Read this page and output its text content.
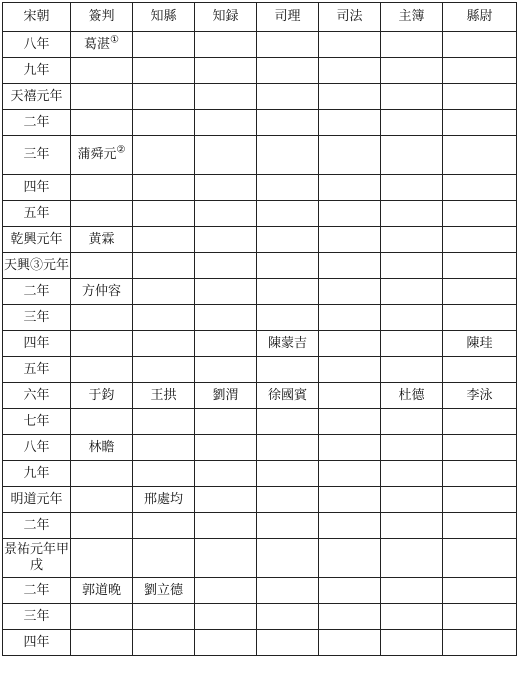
宋朝	簽判	知縣	知録	司理	司法	主簿	縣尉
八年	葛湛①						
九年							
天禧元年							
二年							
三年	蒲舜元②						
四年							
五年							
乾興元年	黄霖						
天興③元年							
二年	方仲容						
三年							
四年				陳蒙吉			陳珪
五年							
六年	于鈞	王拱	劉渭	徐國賓		杜德	李泳
七年							
八年	林瞻						
九年							
明道元年		邢處均					
二年							
景祐元年甲戌							
二年	郭道晚	劉立德					
三年							
四年							
